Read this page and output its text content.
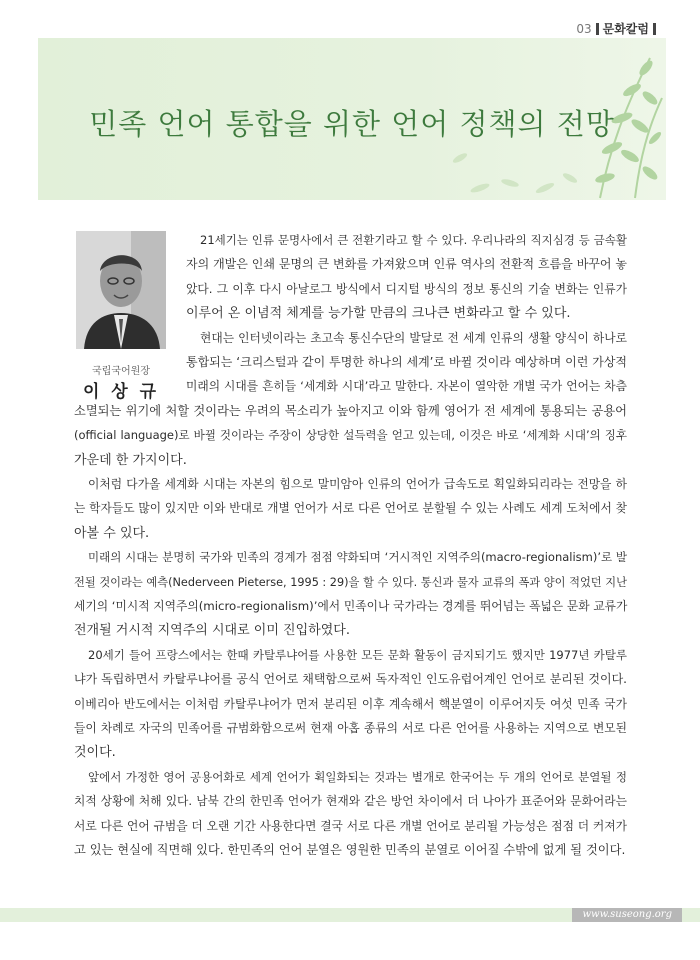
03 문화칼럼
민족 언어 통합을 위한 언어 정책의 전망
국립국어원장
이 상 규
21세기는 인류 문명사에서 큰 전환기라고 할 수 있다. 우리나라의 직지심경 등 금속활
자의 개발은 인쇄 문명의 큰 변화를 가져왔으며 인류 역사의 전환적 흐름을 바꾸어 놓
았다. 그 이후 다시 아날로그 방식에서 디지털 방식의 정보 통신의 기술 변화는 인류가
이루어 온 이념적 체계를 능가할 만큼의 크나큰 변화라고 할 수 있다.
현대는 인터넷이라는 초고속 통신수단의 발달로 전 세계 인류의 생활 양식이 하나로
통합되는 ‘크리스털과 같이 투명한 하나의 세계’로 바뀔 것이라 예상하며 이런 가상적
미래의 시대를 흔히들 ‘세계화 시대’라고 말한다. 자본이 열악한 개별 국가 언어는 차츰
소멸되는 위기에 처할 것이라는 우려의 목소리가 높아지고 이와 함께 영어가 전 세계에 통용되는 공용어
(official language)로 바뀔 것이라는 주장이 상당한 설득력을 얻고 있는데, 이것은 바로 ‘세계화 시대’의 징후
가운데 한 가지이다.
이처럼 다가올 세계화 시대는 자본의 힘으로 말미암아 인류의 언어가 급속도로 획일화되리라는 전망을 하
는 학자들도 많이 있지만 이와 반대로 개별 언어가 서로 다른 언어로 분할될 수 있는 사례도 세계 도처에서 찾
아볼 수 있다.
미래의 시대는 분명히 국가와 민족의 경계가 점점 약화되며 ‘거시적인 지역주의(macro-regionalism)’로 발
전될 것이라는 예측(Nederveen Pieterse, 1995 : 29)을 할 수 있다. 통신과 물자 교류의 폭과 양이 적었던 지난
세기의 ‘미시적 지역주의(micro-regionalism)’에서 민족이나 국가라는 경계를 뛰어넘는 폭넓은 문화 교류가
전개될 거시적 지역주의 시대로 이미 진입하였다.
20세기 들어 프랑스에서는 한때 카탈루냐어를 사용한 모든 문화 활동이 금지되기도 했지만 1977년 카탈루
냐가 독립하면서 카탈루냐어를 공식 언어로 채택함으로써 독자적인 인도유럽어계인 언어로 분리된 것이다.
이베리아 반도에서는 이처럼 카탈루냐어가 먼저 분리된 이후 계속해서 핵분열이 이루어지듯 여섯 민족 국가
들이 차례로 자국의 민족어를 규범화함으로써 현재 아홉 종류의 서로 다른 언어를 사용하는 지역으로 변모된
것이다.
앞에서 가정한 영어 공용어화로 세계 언어가 획일화되는 것과는 별개로 한국어는 두 개의 언어로 분열될 정
치적 상황에 처해 있다. 남북 간의 한민족 언어가 현재와 같은 방언 차이에서 더 나아가 표준어와 문화어라는
서로 다른 언어 규범을 더 오랜 기간 사용한다면 결국 서로 다른 개별 언어로 분리될 가능성은 점점 더 커져가
고 있는 현실에 직면해 있다. 한민족의 언어 분열은 영원한 민족의 분열로 이어질 수밖에 없게 될 것이다.
www.suseong.org
